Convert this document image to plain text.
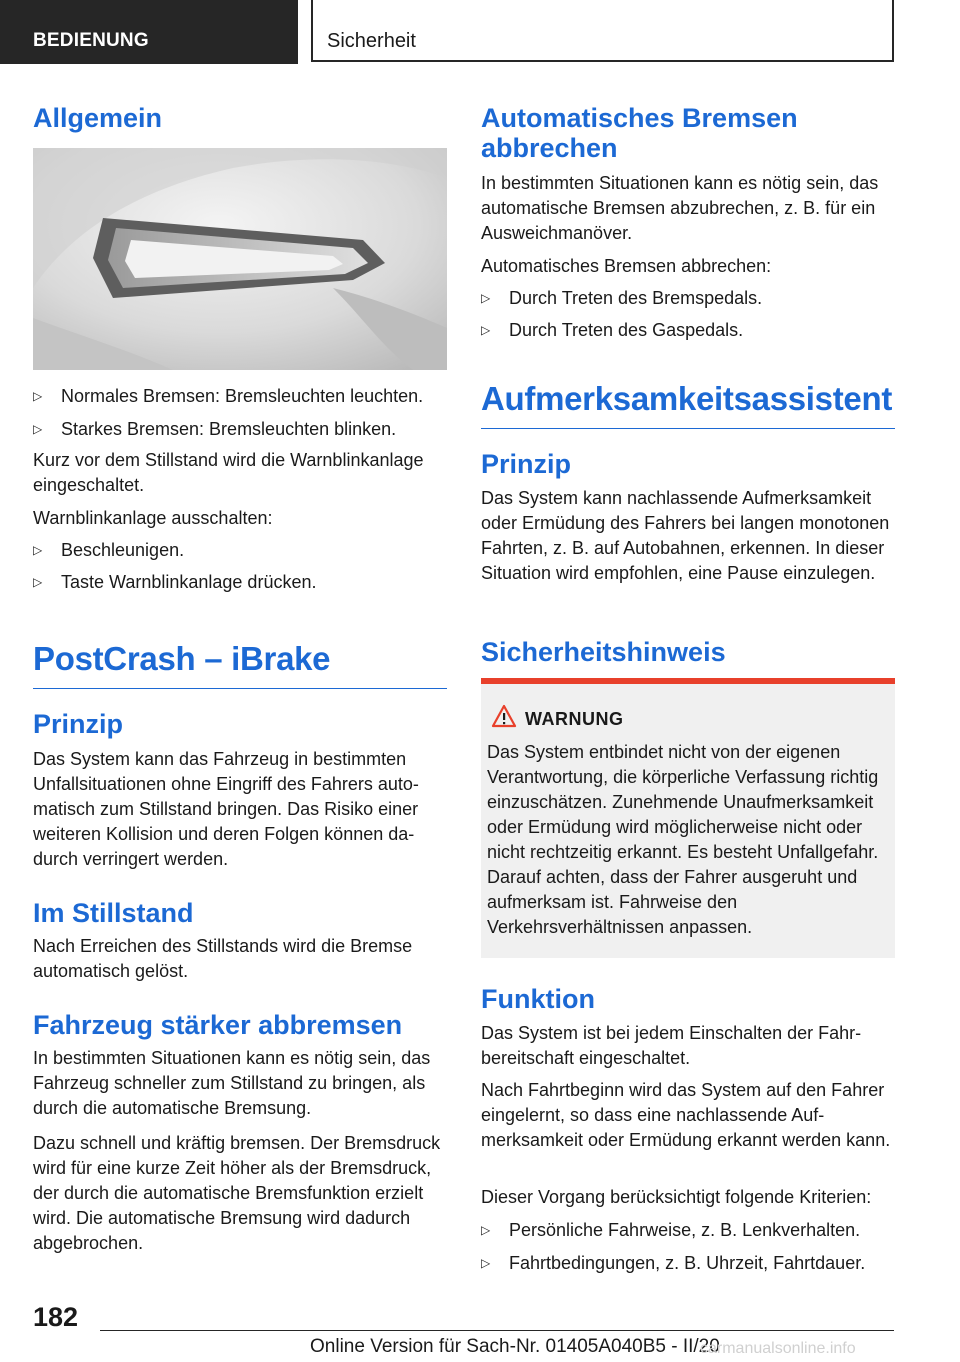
BEDIENUNG	Sicherheit
Allgemein
▷ Normales Bremsen: Bremsleuchten leuchten.
▷ Starkes Bremsen: Bremsleuchten blinken.

Kurz vor dem Stillstand wird die Warnblinkanlage eingeschaltet.

Warnblinkanlage ausschalten:

▷ Beschleunigen.
▷ Taste Warnblinkanlage drücken.
PostCrash – iBrake
Prinzip

Das System kann das Fahrzeug in bestimmten Unfallsituationen ohne Eingriff des Fahrers automatisch zum Stillstand bringen. Das Risiko einer weiteren Kollision und deren Folgen können dadurch verringert werden.

Im Stillstand

Nach Erreichen des Stillstands wird die Bremse automatisch gelöst.

Fahrzeug stärker abbremsen

In bestimmten Situationen kann es nötig sein, das Fahrzeug schneller zum Stillstand zu bringen, als durch die automatische Bremsung.

Dazu schnell und kräftig bremsen. Der Bremsdruck wird für eine kurze Zeit höher als der Bremsdruck, der durch die automatische Bremsfunktion erzielt wird. Die automatische Bremsung wird dadurch abgebrochen.

Automatisches Bremsen abbrechen

In bestimmten Situationen kann es nötig sein, das automatische Bremsen abzubrechen, z. B. für ein Ausweichmanöver.

Automatisches Bremsen abbrechen:

▷ Durch Treten des Bremspedals.
▷ Durch Treten des Gaspedals.
Aufmerksamkeitsassistent
Prinzip

Das System kann nachlassende Aufmerksamkeit oder Ermüdung des Fahrers bei langen monotonen Fahrten, z. B. auf Autobahnen, erkennen. In dieser Situation wird empfohlen, eine Pause einzulegen.

Sicherheitshinweis
WARNUNG
Das System entbindet nicht von der eigenen Verantwortung, die körperliche Verfassung richtig einzuschätzen. Zunehmende Unaufmerksamkeit oder Ermüdung wird möglicherweise nicht oder nicht rechtzeitig erkannt. Es besteht Unfallgefahr. Darauf achten, dass der Fahrer ausgeruht und aufmerksam ist. Fahrweise den Verkehrsverhältnissen anpassen.
Funktion

Das System ist bei jedem Einschalten der Fahrbereitschaft eingeschaltet.

Nach Fahrtbeginn wird das System auf den Fahrer eingelernt, so dass eine nachlassende Aufmerksamkeit oder Ermüdung erkannt werden kann.

Dieser Vorgang berücksichtigt folgende Kriterien:

▷ Persönliche Fahrweise, z. B. Lenkverhalten.
▷ Fahrtbedingungen, z. B. Uhrzeit, Fahrtdauer.
182
Online Version für Sach-Nr. 01405A040B5 - II/20
carmanualsonline.info
